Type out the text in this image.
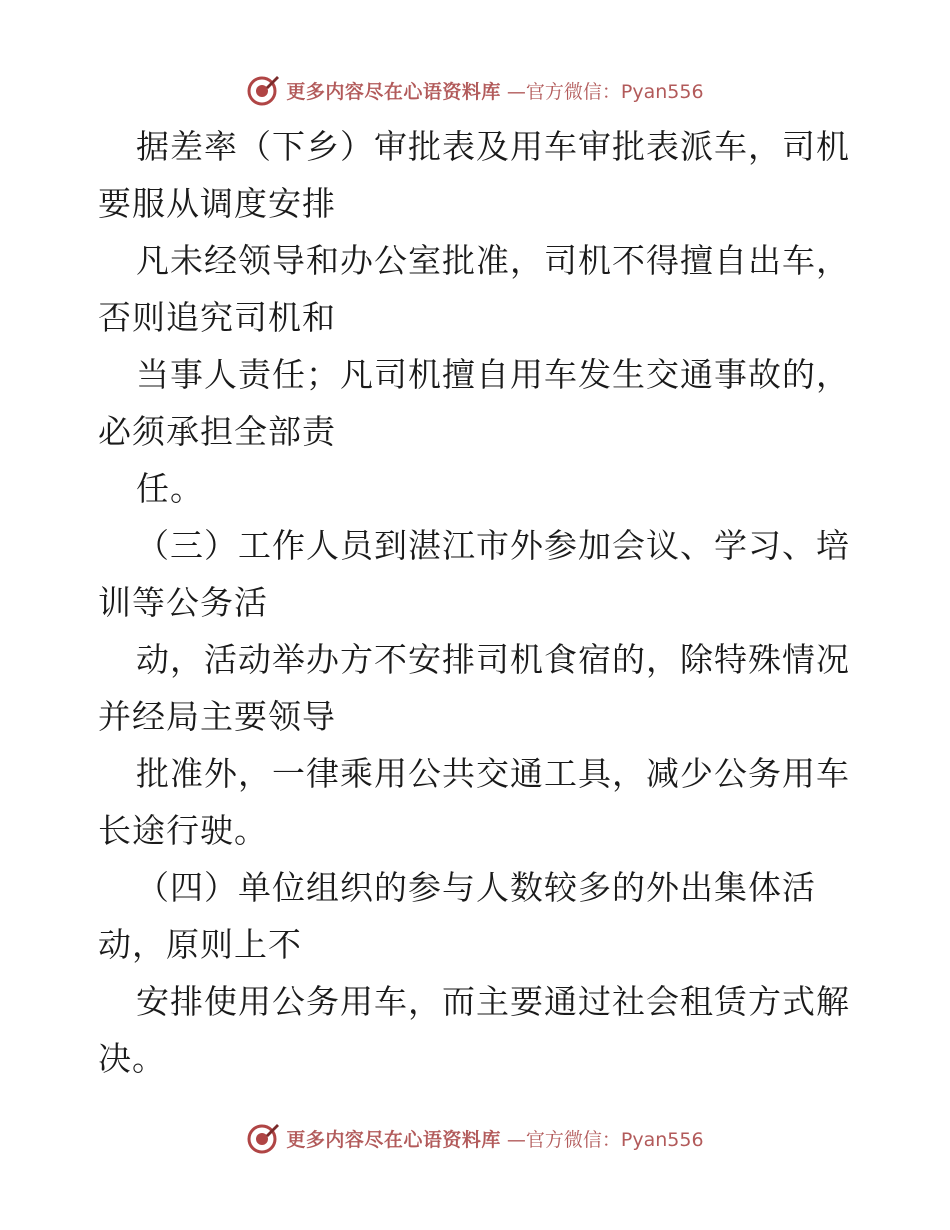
更多内容尽在心语资料库 —官方微信：Pyan556
据差率（下乡）审批表及用车审批表派车，司机
要服从调度安排
凡未经领导和办公室批准，司机不得擅自出车，
否则追究司机和
当事人责任；凡司机擅自用车发生交通事故的，
必须承担全部责
任。
（三）工作人员到湛江市外参加会议、学习、培
训等公务活
动，活动举办方不安排司机食宿的，除特殊情况
并经局主要领导
批准外，一律乘用公共交通工具，减少公务用车
长途行驶。
（四）单位组织的参与人数较多的外出集体活
动，原则上不
安排使用公务用车，而主要通过社会租赁方式解
决。
更多内容尽在心语资料库 —官方微信：Pyan556
